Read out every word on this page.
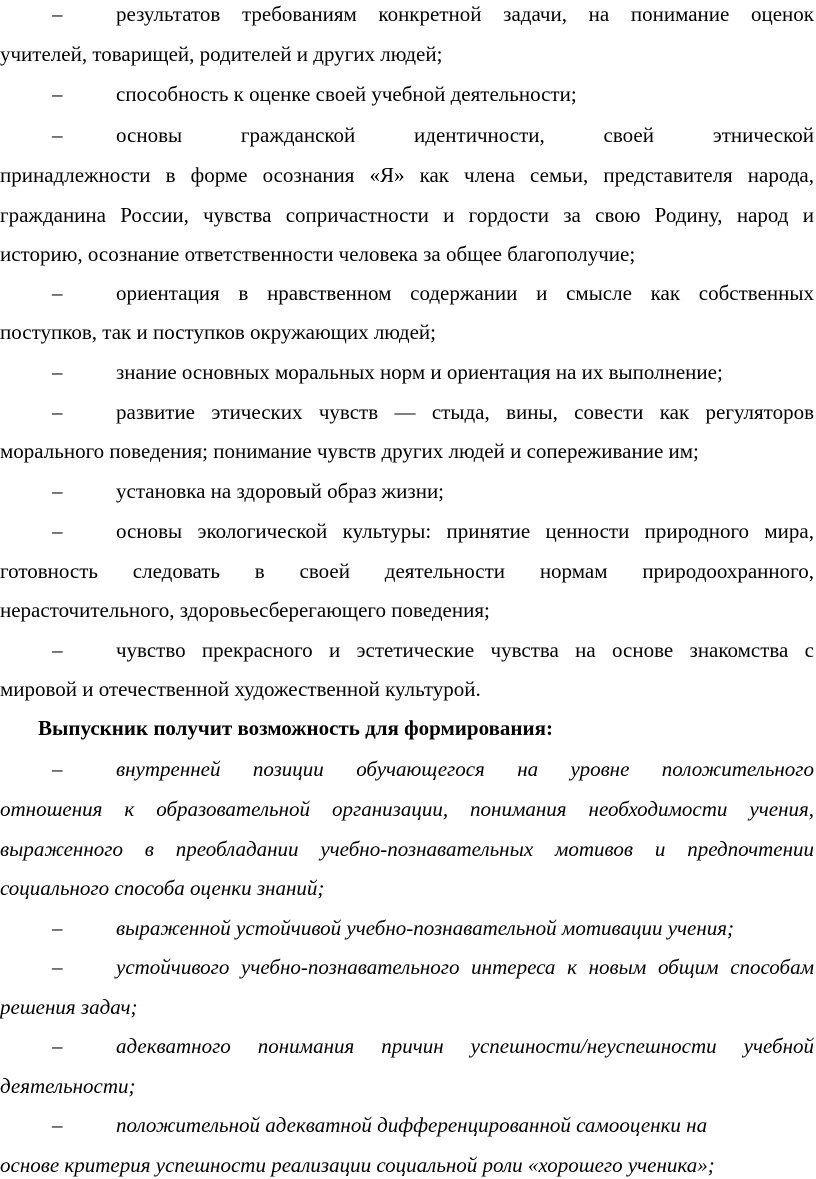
–	результатов требованиям конкретной задачи, на понимание оценок
учителей, товарищей, родителей и других людей;
–	способность к оценке своей учебной деятельности;
–	основы гражданской идентичности, своей этнической
принадлежности в форме осознания «Я» как члена семьи, представителя народа,
гражданина России, чувства сопричастности и гордости за свою Родину, народ и
историю, осознание ответственности человека за общее благополучие;
–	ориентация в нравственном содержании и смысле как собственных
поступков, так и поступков окружающих людей;
–	знание основных моральных норм и ориентация на их выполнение;
–	развитие этических чувств — стыда, вины, совести как регуляторов
морального поведения; понимание чувств других людей и сопереживание им;
–	установка на здоровый образ жизни;
–	основы экологической культуры: принятие ценности природного мира,
готовность следовать в своей деятельности нормам природоохранного,
нерасточительного, здоровьесберегающего поведения;
–	чувство прекрасного и эстетические чувства на основе знакомства с
мировой и отечественной художественной культурой.
Выпускник получит возможность для формирования:
–	внутренней позиции обучающегося на уровне положительного
отношения к образовательной организации, понимания необходимости учения,
выраженного в преобладании учебно-познавательных мотивов и предпочтении
социального способа оценки знаний;
–	выраженной устойчивой учебно-познавательной мотивации учения;
–	устойчивого учебно-познавательного интереса к новым общим способам
решения задач;
–	адекватного понимания причин успешности/неуспешности учебной
деятельности;
–	положительной адекватной дифференцированной самооценки на
основе критерия успешности реализации социальной роли «хорошего ученика»;
